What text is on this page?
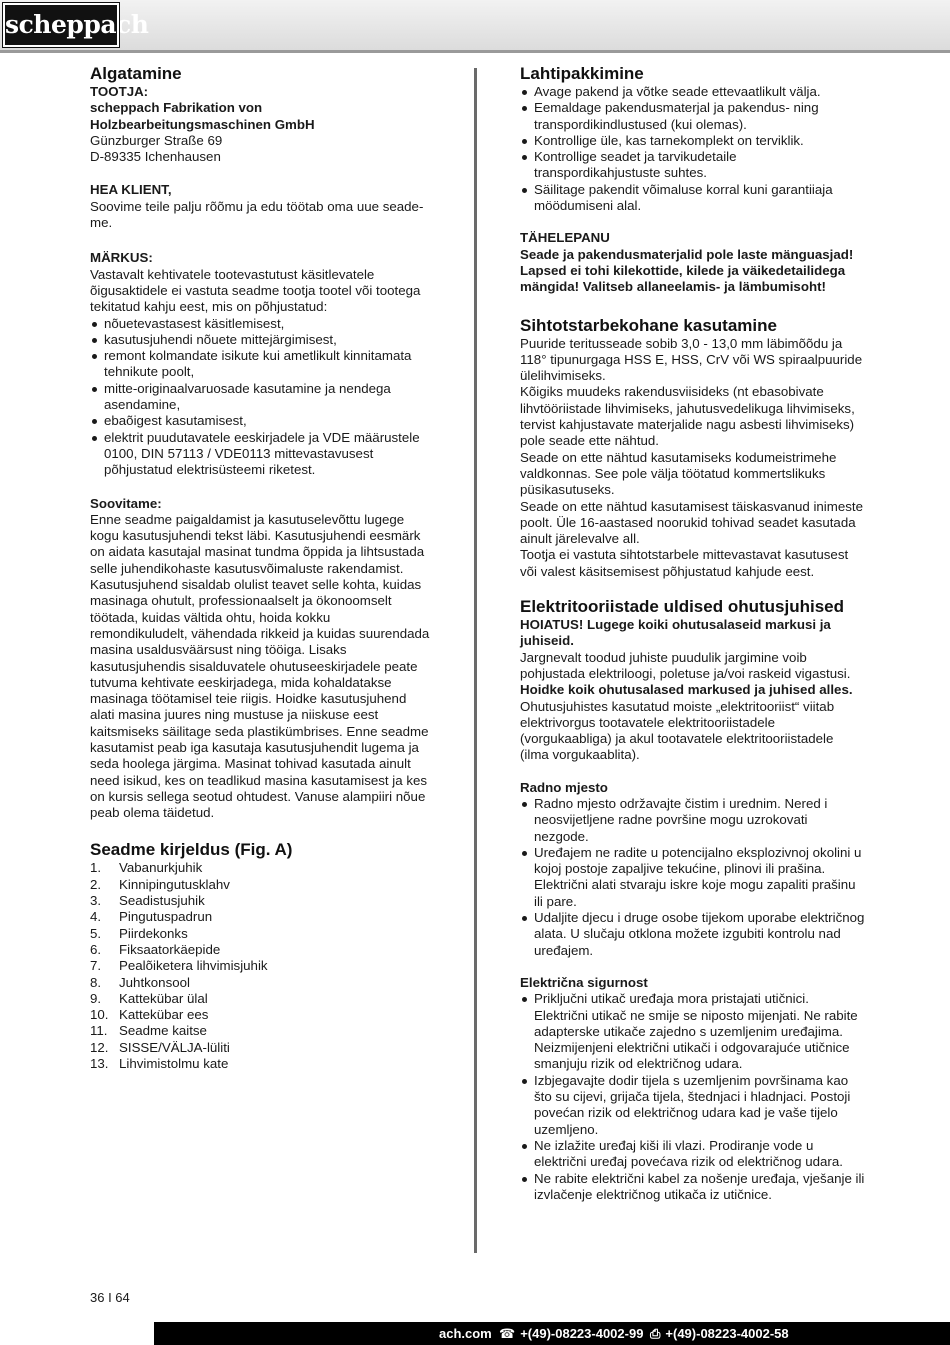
scheppach
Algatamine

TOOTJA:

scheppach Fabrikation von

Holzbearbeitungsmaschinen GmbH

Günzburger Straße 69

D-89335 Ichenhausen

HEA KLIENT,

Soovime teile palju rõõmu ja edu töötab oma uue seade-me.

MÄRKUS:

Vastavalt kehtivatele tootevastutust käsitlevatele õigusaktidele ei vastuta seadme tootja tootel või tootega tekitatud kahju eest, mis on põhjustatud:

nõuetevastasest käsitlemisest,
kasutusjuhendi nõuete mittejärgimisest,
remont kolmandate isikute kui ametlikult kinnitamata tehnikute poolt,
mitte-originaalvaruosade kasutamine ja nendega asendamine,
ebaõigest kasutamisest,
elektrit puudutavatele eeskirjadele ja VDE määrustele 0100, DIN 57113 / VDE0113 mittevastavusest põhjustatud elektrisüsteemi riketest.

Soovitame:

Enne seadme paigaldamist ja kasutuselevõttu lugege kogu kasutusjuhendi tekst läbi. Kasutusjuhendi eesmärk on aidata kasutajal masinat tundma õppida ja lihtsustada selle juhendikohaste kasutusvõimaluste rakendamist. Kasutusjuhend sisaldab olulist teavet selle kohta, kuidas masinaga ohutult, professionaalselt ja ökonoomselt töötada, kuidas vältida ohtu, hoida kokku remondikuludelt, vähendada rikkeid ja kuidas suurendada masina usaldusväärsust ning tööiga. Lisaks kasutusjuhendis sisalduvatele ohutuseeskirjadele peate tutvuma kehtivate eeskirjadega, mida kohaldatakse masinaga töötamisel teie riigis. Hoidke kasutusjuhend alati masina juures ning mustuse ja niiskuse eest kaitsmiseks säilitage seda plastikümbrises. Enne seadme kasutamist peab iga kasutaja kasutusjuhendit lugema ja seda hoolega järgima. Masinat tohivad kasutada ainult need isikud, kes on teadlikud masina kasutamisest ja kes on kursis sellega seotud ohtudest. Vanuse alampiiri nõue peab olema täidetud.

Seadme kirjeldus (Fig. A)
1.	Vabanurkjuhik
2.	Kinnipingutusklahv
3.	Seadistusjuhik
4.	Pingutuspadrun
5.	Piirdekonks
6.	Fiksaatorkäepide
7.	Pealõiketera lihvimisjuhik
8.	Juhtkonsool
9.	Kattekübar ülal
10. Kattekübar ees
11. Seadme kaitse
12. SISSE/VÄLJA-lüliti
13. Lihvimistolmu kate
Lahtipakkimine
Avage pakend ja võtke seade ettevaatlikult välja.
Eemaldage pakendusmaterjal ja pakendus- ning transpordikindlustused (kui olemas).
Kontrollige üle, kas tarnekomplekt on terviklik.
Kontrollige seadet ja tarvikudetaile transpordikahjustuste suhtes.
Säilitage pakendit võimaluse korral kuni garantiiaja möödumiseni alal.

TÄHELEPANU

Seade ja pakendusmaterjalid pole laste mänguasjad! Lapsed ei tohi kilekottide, kilede ja väikedetailidega mängida! Valitseb allaneelamis- ja lämbumisoht!

Sihtotstarbekohane kasutamine

Puuride teritusseade sobib 3,0 - 13,0 mm läbimõõdu ja 118° tipunurgaga HSS E, HSS, CrV või WS spiraalpuuride ülelihvimiseks.

Kõigiks muudeks rakendusviisideks (nt ebasobivate lihvtööriistade lihvimiseks, jahutusvedelikuga lihvimiseks, tervist kahjustavate materjalide nagu asbesti lihvimiseks) pole seade ette nähtud.

Seade on ette nähtud kasutamiseks kodumeistrimehe valdkonnas. See pole välja töötatud kommertslikuks püsikasutuseks.

Seade on ette nähtud kasutamisest täiskasvanud inimeste poolt. Üle 16-aastased noorukid tohivad seadet kasutada ainult järelevalve all.

Tootja ei vastuta sihtotstarbele mittevastavat kasutusest või valest käsitsemisest põhjustatud kahjude eest.

Elektritooriistade uldised ohutusjuhised

HOIATUS! Lugege koiki ohutusalaseid markusi ja juhiseid.

Jargnevalt toodud juhiste puudulik jargimine voib pohjustada elektriloogi, poletuse ja/voi raskeid vigastusi.

Hoidke koik ohutusalased markused ja juhised alles.

Ohutusjuhistes kasutatud moiste „elektritooriist“ viitab elektrivorgus tootavatele elektritooriistadele (vorgukaabliga) ja akul tootavatele elektritooriistadele (ilma vorgukaablita).

Radno mjesto

Radno mjesto održavajte čistim i urednim. Nered i neosvijetljene radne površine mogu uzrokovati nezgode.
Uređajem ne radite u potencijalno eksplozivnoj okolini u kojoj postoje zapaljive tekućine, plinovi ili prašina. Električni alati stvaraju iskre koje mogu zapaliti prašinu ili pare.
Udaljite djecu i druge osobe tijekom uporabe električnog alata. U slučaju otklona možete izgubiti kontrolu nad uređajem.

Električna sigurnost

Priključni utikač uređaja mora pristajati utičnici. Električni utikač ne smije se niposto mijenjati. Ne rabite adapterske utikače zajedno s uzemljenim uređajima.
Neizmijenjeni električni utikači i odgovarajuće utičnice smanjuju rizik od električnog udara.
Izbjegavajte dodir tijela s uzemljenim površinama kao što su cijevi, grijača tijela, štednjaci i hladnjaci. Postoji povećan rizik od električnog udara kad je vaše tijelo uzemljeno.
Ne izlažite uređaj kiši ili vlazi. Prodiranje vode u električni uređaj povećava rizik od električnog udara.
Ne rabite električni kabel za nošenje uređaja, vješanje ili izvlačenje električnog utikača iz utičnice.
36 I 64
ach.com ☎ +(49)-08223-4002-99 ⎙ +(49)-08223-4002-58
